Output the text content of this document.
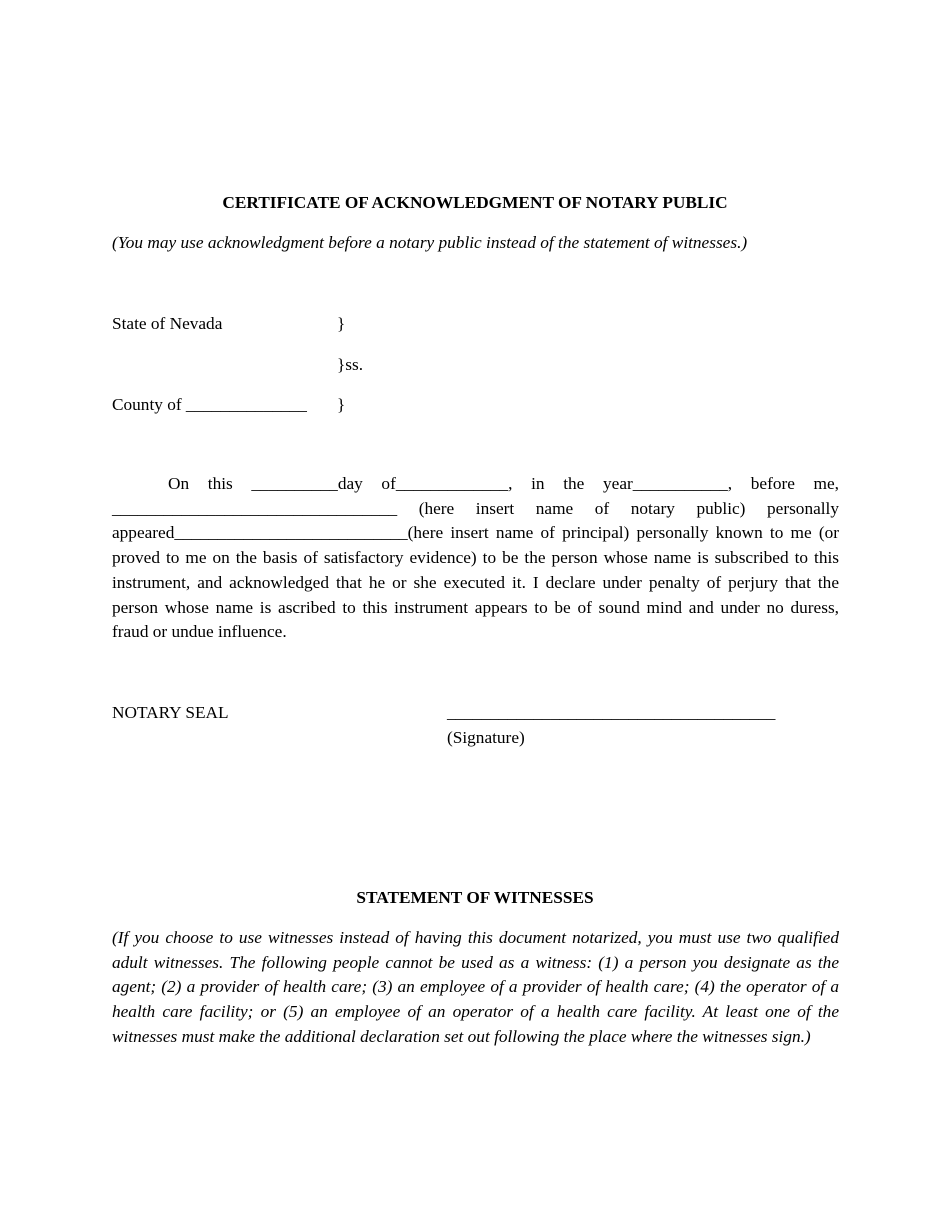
CERTIFICATE OF ACKNOWLEDGMENT OF NOTARY PUBLIC

(You may use acknowledgment before a notary public instead of the statement of witnesses.)

State of Nevada	}

}ss.

County of ______________ }

On this __________day of_____________, in the year___________, before me, _________________________________ (here insert name of notary public) personally appeared___________________________(here insert name of principal) personally known to me (or proved to me on the basis of satisfactory evidence) to be the person whose name is subscribed to this instrument, and acknowledged that he or she executed it. I declare under penalty of perjury that the person whose name is ascribed to this instrument appears to be of sound mind and under no duress, fraud or undue influence.

NOTARY SEAL	______________________________________

(Signature)

STATEMENT OF WITNESSES

(If you choose to use witnesses instead of having this document notarized, you must use two qualified adult witnesses. The following people cannot be used as a witness: (1) a person you designate as the agent; (2) a provider of health care; (3) an employee of a provider of health care; (4) the operator of a health care facility; or (5) an employee of an operator of a health care facility. At least one of the witnesses must make the additional declaration set out following the place where the witnesses sign.)
